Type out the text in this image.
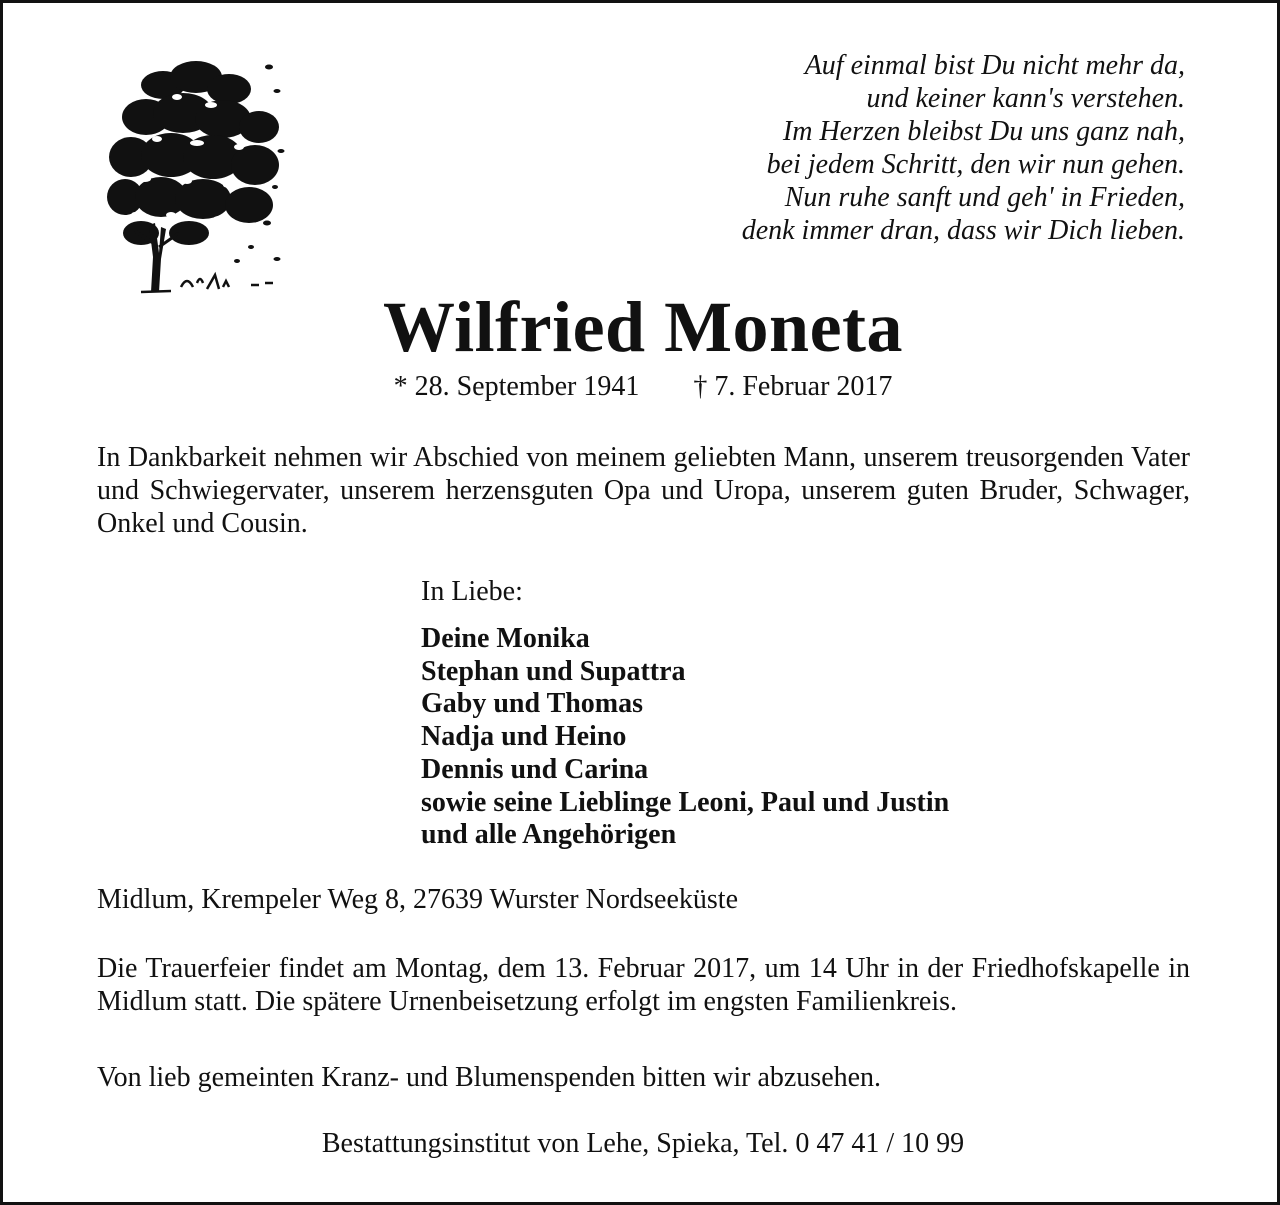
Auf einmal bist Du nicht mehr da,
und keiner kann's verstehen.
Im Herzen bleibst Du uns ganz nah,
bei jedem Schritt, den wir nun gehen.
Nun ruhe sanft und geh' in Frieden,
denk immer dran, dass wir Dich lieben.
Wilfried Moneta
* 28. September 1941 † 7. Februar 2017
In Dankbarkeit nehmen wir Abschied von meinem geliebten Mann, unserem treusorgenden Vater und Schwiegervater, unserem herzensguten Opa und Uropa, unserem guten Bruder, Schwager, Onkel und Cousin.
In Liebe:
Deine Monika
Stephan und Supattra
Gaby und Thomas
Nadja und Heino
Dennis und Carina
sowie seine Lieblinge Leoni, Paul und Justin
und alle Angehörigen
Midlum, Krempeler Weg 8, 27639 Wurster Nordseeküste
Die Trauerfeier findet am Montag, dem 13. Februar 2017, um 14 Uhr in der Friedhofskapelle in Midlum statt. Die spätere Urnenbeisetzung erfolgt im engsten Familienkreis.
Von lieb gemeinten Kranz- und Blumenspenden bitten wir abzusehen.
Bestattungsinstitut von Lehe, Spieka, Tel. 0 47 41 / 10 99
